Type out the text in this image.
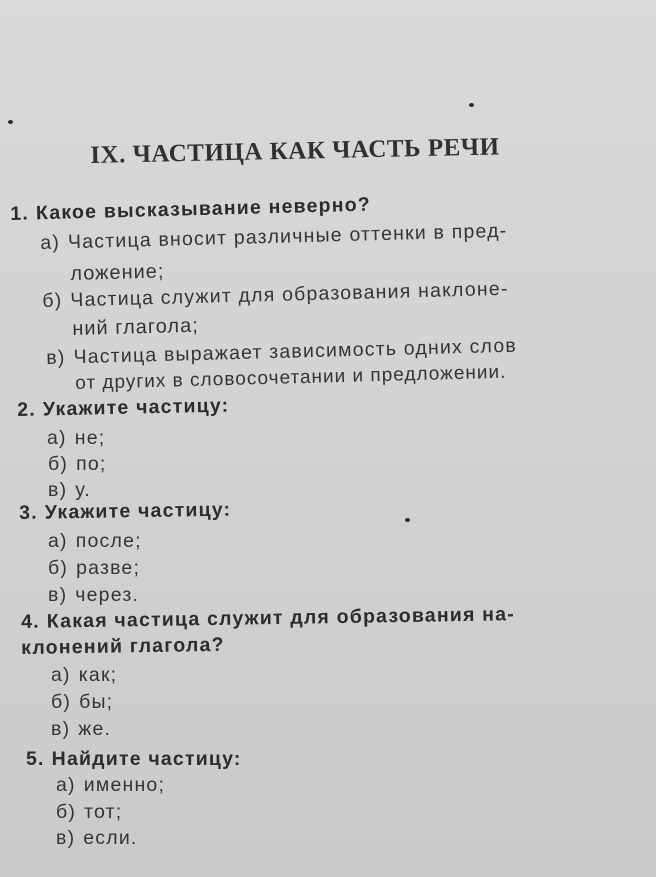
IX. ЧАСТИЦА КАК ЧАСТЬ РЕЧИ
1. Какое высказывание неверно?
а ) Частица вносит различные оттенки в пред-
ложение;
б ) Частица служит для образования наклоне-
ний глагола;
в ) Частица выражает зависимость одних слов
от других в словосочетании и предложении.
2. Укажите частицу:
а ) не;
б ) по;
в ) у.
3. Укажите частицу:
а ) после;
б ) разве;
в ) через.
4. Какая частица служит для образования на-
клонений глагола?
а ) как;
б ) бы;
в ) же.
5. Найдите частицу:
а ) именно;
б ) тот;
в ) если.
